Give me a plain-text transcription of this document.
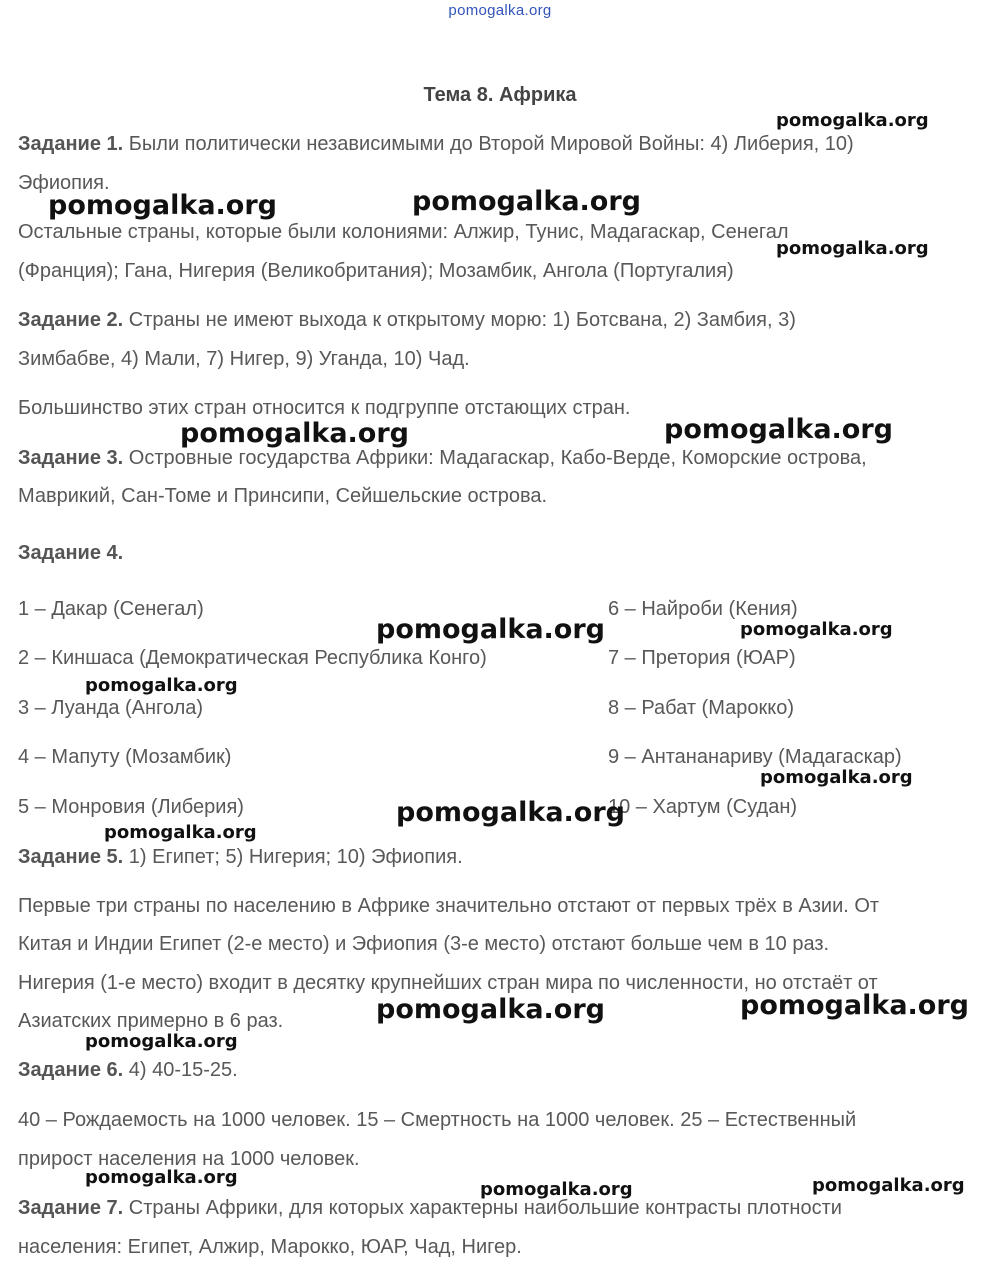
pomogalka.org
Тема 8. Африка
Задание 1. Были политически независимыми до Второй Мировой Войны: 4) Либерия, 10)
Эфиопия.
Остальные страны, которые были колониями: Алжир, Тунис, Мадагаскар, Сенегал
(Франция); Гана, Нигерия (Великобритания); Мозамбик, Ангола (Португалия)
Задание 2. Страны не имеют выхода к открытому морю: 1) Ботсвана, 2) Замбия, 3)
Зимбабве, 4) Мали, 7) Нигер, 9) Уганда, 10) Чад.
Большинство этих стран относится к подгруппе отстающих стран.
Задание 3. Островные государства Африки: Мадагаскар, Кабо-Верде, Коморские острова,
Маврикий, Сан-Томе и Принсипи, Сейшельские острова.
Задание 4.
1 – Дакар (Сенегал)
2 – Киншаса (Демократическая Республика Конго)
3 – Луанда (Ангола)
4 – Мапуту (Мозамбик)
5 – Монровия (Либерия)
6 – Найроби (Кения)
7 – Претория (ЮАР)
8 – Рабат (Марокко)
9 – Антананариву (Мадагаскар)
10 – Хартум (Судан)
Задание 5. 1) Египет; 5) Нигерия; 10) Эфиопия.
Первые три страны по населению в Африке значительно отстают от первых трёх в Азии. От
Китая и Индии Египет (2-е место) и Эфиопия (3-е место) отстают больше чем в 10 раз.
Нигерия (1-е место) входит в десятку крупнейших стран мира по численности, но отстаёт от
Азиатских примерно в 6 раз.
Задание 6. 4) 40-15-25.
40 – Рождаемость на 1000 человек. 15 – Смертность на 1000 человек. 25 – Естественный
прирост населения на 1000 человек.
Задание 7. Страны Африки, для которых характерны наибольшие контрасты плотности
населения: Египет, Алжир, Марокко, ЮАР, Чад, Нигер.
pomogalka.org
pomogalka.org	pomogalka.org
pomogalka.org
pomogalka.org	pomogalka.org
pomogalka.org	pomogalka.org
pomogalka.org
pomogalka.org
pomogalka.org
pomogalka.org
pomogalka.org	pomogalka.org
pomogalka.org
pomogalka.org
pomogalka.org	pomogalka.org
